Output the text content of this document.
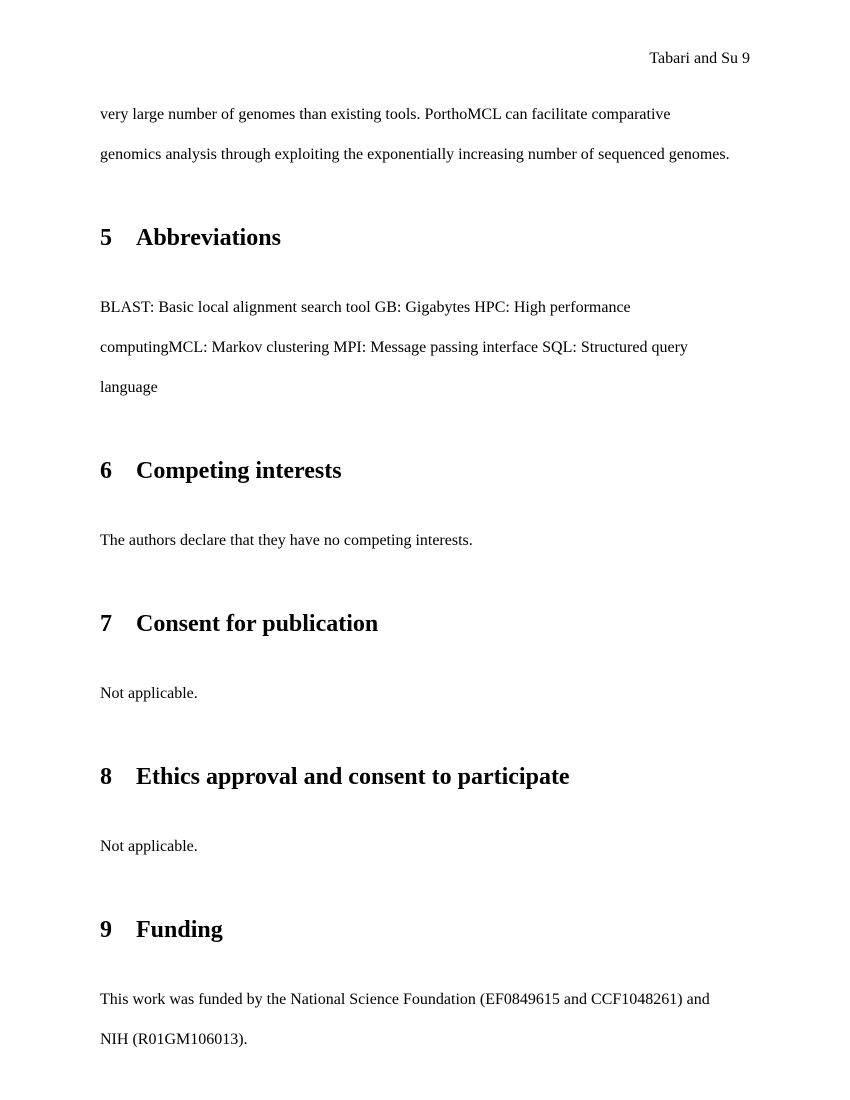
Tabari and Su 9

very large number of genomes than existing tools. PorthoMCL can facilitate comparative
genomics analysis through exploiting the exponentially increasing number of sequenced genomes.

5 Abbreviations

BLAST: Basic local alignment search tool GB: Gigabytes HPC: High performance
computingMCL: Markov clustering MPI: Message passing interface SQL: Structured query
language

6 Competing interests

The authors declare that they have no competing interests.

7 Consent for publication

Not applicable.

8 Ethics approval and consent to participate

Not applicable.

9 Funding

This work was funded by the National Science Foundation (EF0849615 and CCF1048261) and
NIH (R01GM106013).
